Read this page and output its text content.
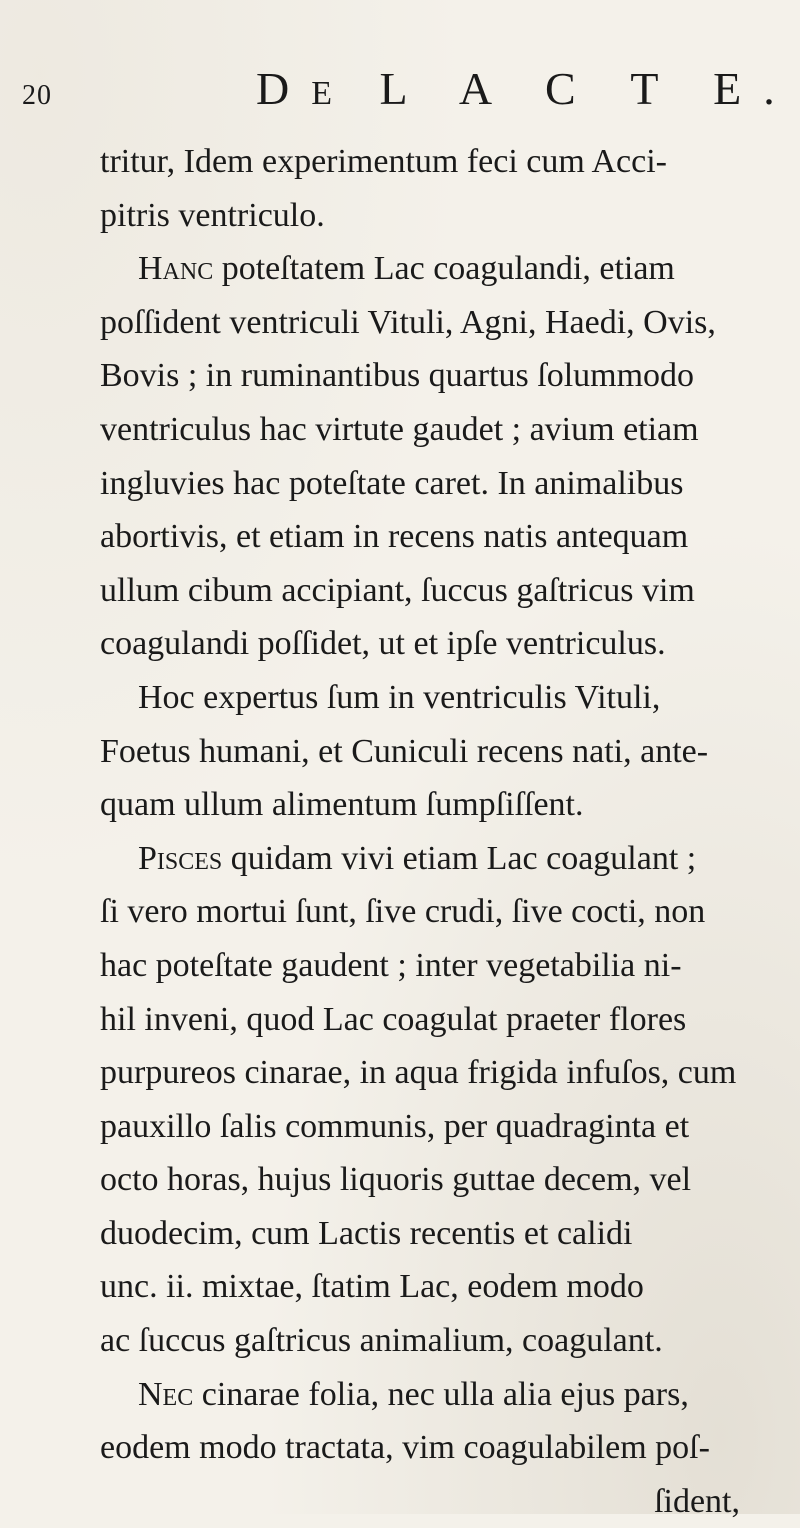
20	DE L A C T E.
tritur, Idem experimentum feci cum Acci-
pitris ventriculo.
Hanc poteſtatem Lac coagulandi, etiam
poſſident ventriculi Vituli, Agni, Haedi, Ovis,
Bovis ; in ruminantibus quartus ſolummodo
ventriculus hac virtute gaudet ; avium etiam
ingluvies hac poteſtate caret. In animalibus
abortivis, et etiam in recens natis antequam
ullum cibum accipiant, ſuccus gaſtricus vim
coagulandi poſſidet, ut et ipſe ventriculus.
Hoc expertus ſum in ventriculis Vituli,
Foetus humani, et Cuniculi recens nati, ante-
quam ullum alimentum ſumpſiſſent.
Pisces quidam vivi etiam Lac coagulant ;
ſi vero mortui ſunt, ſive crudi, ſive cocti, non
hac poteſtate gaudent ; inter vegetabilia ni-
hil inveni, quod Lac coagulat praeter flores
purpureos cinarae, in aqua frigida infuſos, cum
pauxillo ſalis communis, per quadraginta et
octo horas, hujus liquoris guttae decem, vel
duodecim, cum Lactis recentis et calidi
unc. ii. mixtae, ſtatim Lac, eodem modo
ac ſuccus gaſtricus animalium, coagulant.
Nec cinarae folia, nec ulla alia ejus pars,
eodem modo tractata, vim coagulabilem poſ-
ſident,
